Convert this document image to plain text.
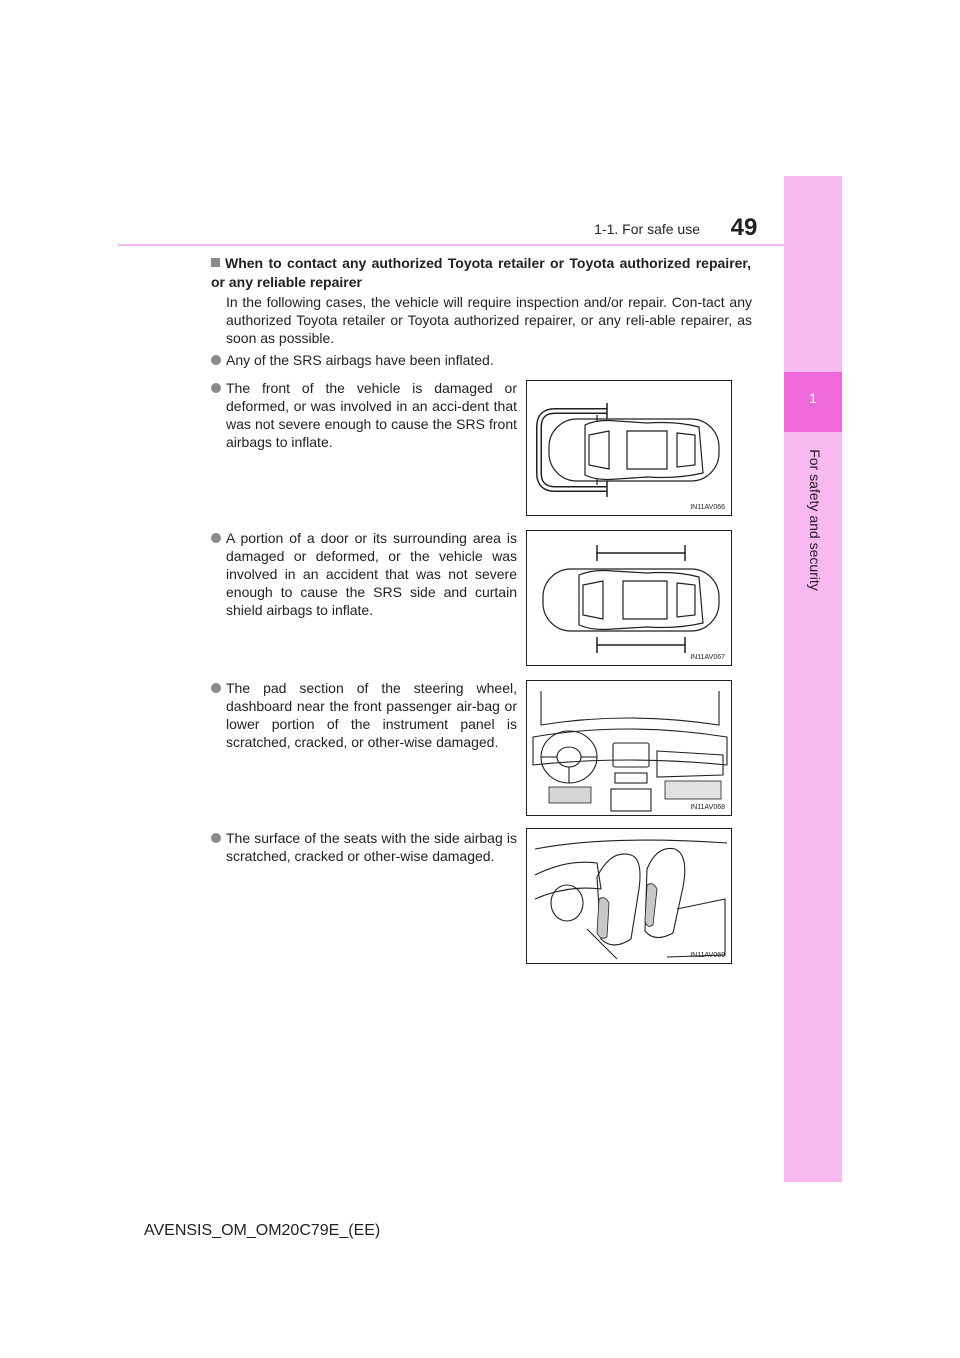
1
For safety and security
1-1. For safe use	49
When to contact any authorized Toyota retailer or Toyota authorized repairer, or any reliable repairer
In the following cases, the vehicle will require inspection and/or repair. Con-tact any authorized Toyota retailer or Toyota authorized repairer, or any reli-able repairer, as soon as possible.
Any of the SRS airbags have been inflated.
The front of the vehicle is damaged or deformed, or was involved in an acci-dent that was not severe enough to cause the SRS front airbags to inflate.
A portion of a door or its surrounding area is damaged or deformed, or the vehicle was involved in an accident that was not severe enough to cause the SRS side and curtain shield airbags to inflate.
The pad section of the steering wheel, dashboard near the front passenger air-bag or lower portion of the instrument panel is scratched, cracked, or other-wise damaged.
The surface of the seats with the side airbag is scratched, cracked or other-wise damaged.
IN11AV066
IN11AV067
IN11AV068
IN11AV069
AVENSIS_OM_OM20C79E_(EE)
